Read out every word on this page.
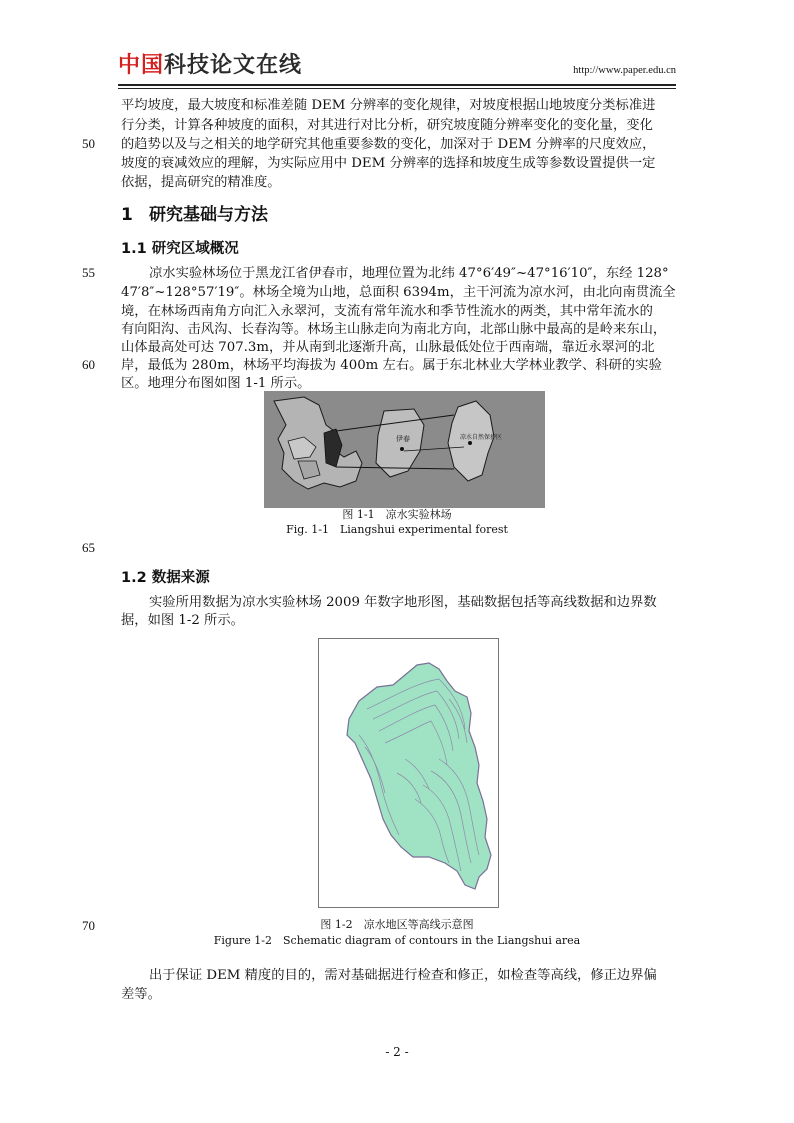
中国科技论文在线	http://www.paper.edu.cn
50
55
60
65
70
平均坡度，最大坡度和标准差随 DEM 分辨率的变化规律，对坡度根据山地坡度分类标准进
行分类，计算各种坡度的面积，对其进行对比分析，研究坡度随分辨率变化的变化量，变化
的趋势以及与之相关的地学研究其他重要参数的变化，加深对于 DEM 分辨率的尺度效应，
坡度的衰减效应的理解，为实际应用中 DEM 分辨率的选择和坡度生成等参数设置提供一定
依据，提高研究的精准度。
1 研究基础与方法
1.1 研究区域概况
凉水实验林场位于黑龙江省伊春市，地理位置为北纬 47°6′49″~47°16′10″，东经 128°
47′8″~128°57′19″。林场全境为山地，总面积 6394m，主干河流为凉水河，由北向南贯流全
境，在林场西南角方向汇入永翠河，支流有常年流水和季节性流水的两类，其中常年流水的
有向阳沟、击风沟、长春沟等。林场主山脉走向为南北方向，北部山脉中最高的是岭来东山，
山体最高处可达 707.3m，并从南到北逐渐升高，山脉最低处位于西南端，靠近永翠河的北
岸，最低为 280m，林场平均海拔为 400m 左右。属于东北林业大学林业教学、科研的实验
区。地理分布图如图 1-1 所示。
伊春	凉水自然保护区
图 1-1　凉水实验林场
Fig. 1-1　Liangshui experimental forest
1.2 数据来源
实验所用数据为凉水实验林场 2009 年数字地形图，基础数据包括等高线数据和边界数
据，如图 1-2 所示。
图 1-2　凉水地区等高线示意图
Figure 1-2　Schematic diagram of contours in the Liangshui area
出于保证 DEM 精度的目的，需对基础据进行检查和修正，如检查等高线，修正边界偏
差等。
- 2 -
